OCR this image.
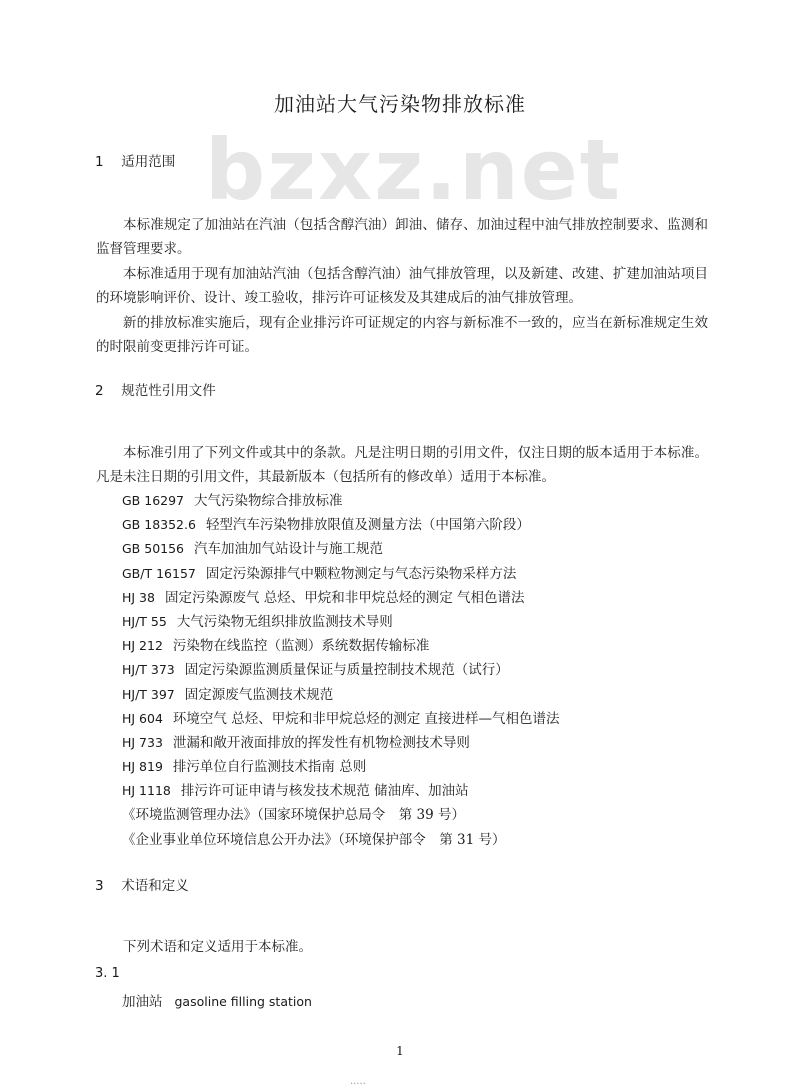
bzxz.net
加油站大气污染物排放标准
1 适用范围
本标准规定了加油站在汽油（包括含醇汽油）卸油、储存、加油过程中油气排放控制要求、监测和监督管理要求。
本标准适用于现有加油站汽油（包括含醇汽油）油气排放管理，以及新建、改建、扩建加油站项目的环境影响评价、设计、竣工验收，排污许可证核发及其建成后的油气排放管理。
新的排放标准实施后，现有企业排污许可证规定的内容与新标准不一致的，应当在新标准规定生效的时限前变更排污许可证。
2 规范性引用文件
本标准引用了下列文件或其中的条款。凡是注明日期的引用文件，仅注日期的版本适用于本标准。凡是未注日期的引用文件，其最新版本（包括所有的修改单）适用于本标准。
GB 16297 大气污染物综合排放标准
GB 18352.6 轻型汽车污染物排放限值及测量方法（中国第六阶段）
GB 50156 汽车加油加气站设计与施工规范
GB/T 16157 固定污染源排气中颗粒物测定与气态污染物采样方法
HJ 38 固定污染源废气 总烃、甲烷和非甲烷总烃的测定 气相色谱法
HJ/T 55 大气污染物无组织排放监测技术导则
HJ 212 污染物在线监控（监测）系统数据传输标准
HJ/T 373 固定污染源监测质量保证与质量控制技术规范（试行）
HJ/T 397 固定源废气监测技术规范
HJ 604 环境空气 总烃、甲烷和非甲烷总烃的测定 直接进样—气相色谱法
HJ 733 泄漏和敞开液面排放的挥发性有机物检测技术导则
HJ 819 排污单位自行监测技术指南 总则
HJ 1118 排污许可证申请与核发技术规范 储油库、加油站
《环境监测管理办法》（国家环境保护总局令　第 39 号）
《企业事业单位环境信息公开办法》（环境保护部令　第 31 号）
3 术语和定义
下列术语和定义适用于本标准。
3. 1
加油站 gasoline filling station
1
·····
